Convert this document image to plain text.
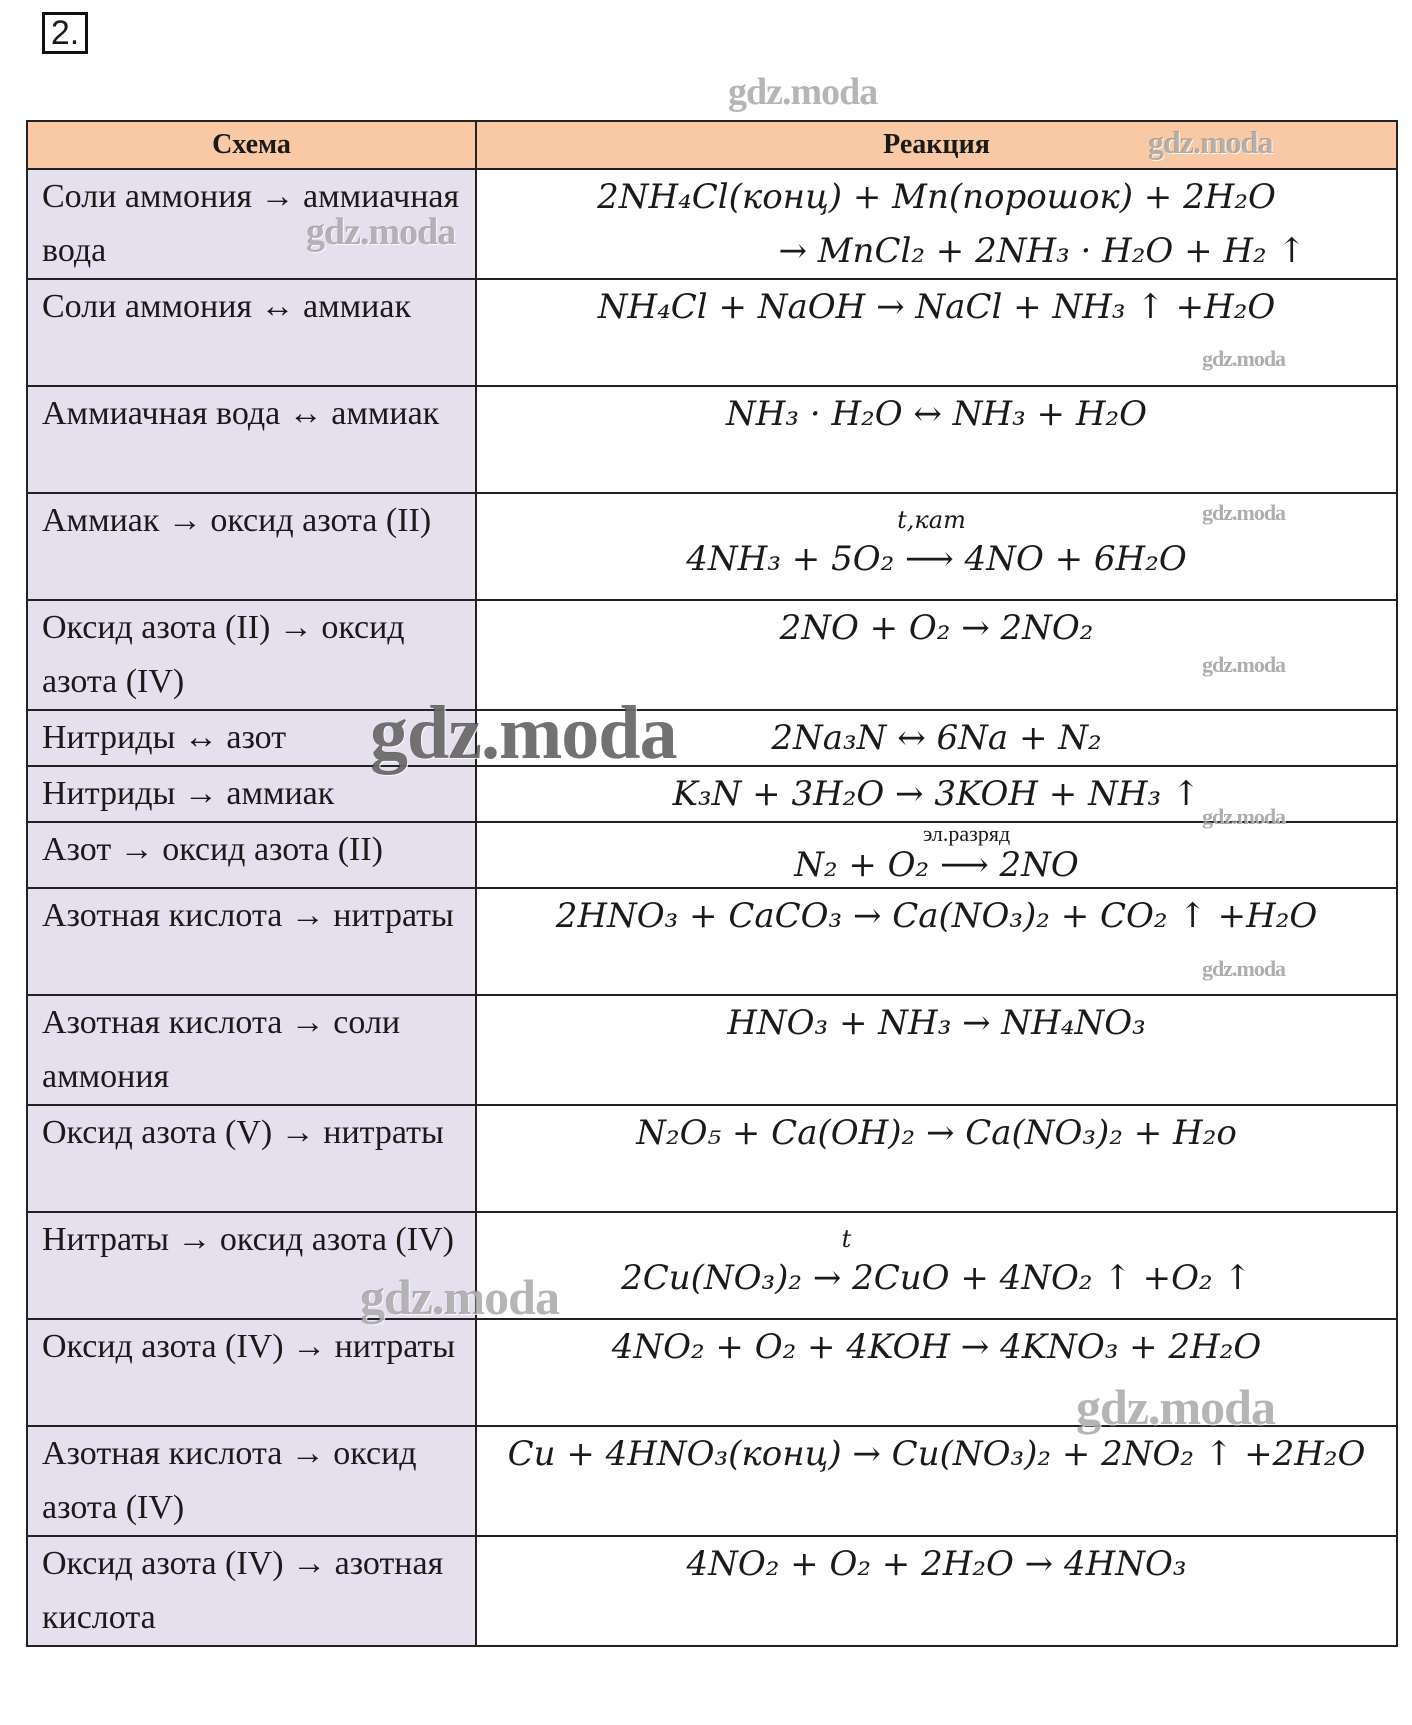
2.
Схема	Реакция
Соли аммония → аммиачная вода	2NH₄Cl(конц) + Mn(порошок) + 2H₂O
→ MnCl₂ + 2NH₃ · H₂O + H₂ ↑

Соли аммония ↔ аммиак	NH₄Cl + NaOH → NaCl + NH₃ ↑ +H₂O
Аммиачная вода ↔ аммиак	NH₃ · H₂O ↔ NH₃ + H₂O
Аммиак → оксид азота (II)	t,кат
4NH₃ + 5O₂ ⟶ 4NO + 6H₂O
Оксид азота (II) → оксид азота (IV)	2NO + O₂ → 2NO₂
Нитриды ↔ азот	2Na₃N ↔ 6Na + N₂
Нитриды → аммиак	K₃N + 3H₂O → 3KOH + NH₃ ↑
Азот → оксид азота (II)	эл.разряд
N₂ + O₂ ⟶ 2NO
Азотная кислота → нитраты	2HNO₃ + CaCO₃ → Ca(NO₃)₂ + CO₂ ↑ +H₂O
Азотная кислота → соли аммония	HNO₃ + NH₃ → NH₄NO₃
Оксид азота (V) → нитраты	N₂O₅ + Ca(OH)₂ → Ca(NO₃)₂ + H₂o
Нитраты → оксид азота (IV)	t
2Cu(NO₃)₂ → 2CuO + 4NO₂ ↑ +O₂ ↑
Оксид азота (IV) → нитраты	4NO₂ + O₂ + 4KOH → 4KNO₃ + 2H₂O
Азотная кислота → оксид азота (IV)	Cu + 4HNO₃(конц) → Cu(NO₃)₂ + 2NO₂ ↑ +2H₂O
Оксид азота (IV) → азотная кислота	4NO₂ + O₂ + 2H₂O → 4HNO₃
gdz.moda
gdz.moda
gdz.moda
gdz.moda
gdz.moda
gdz.moda
gdz.moda
gdz.moda
gdz.moda
gdz.moda
gdz.moda
